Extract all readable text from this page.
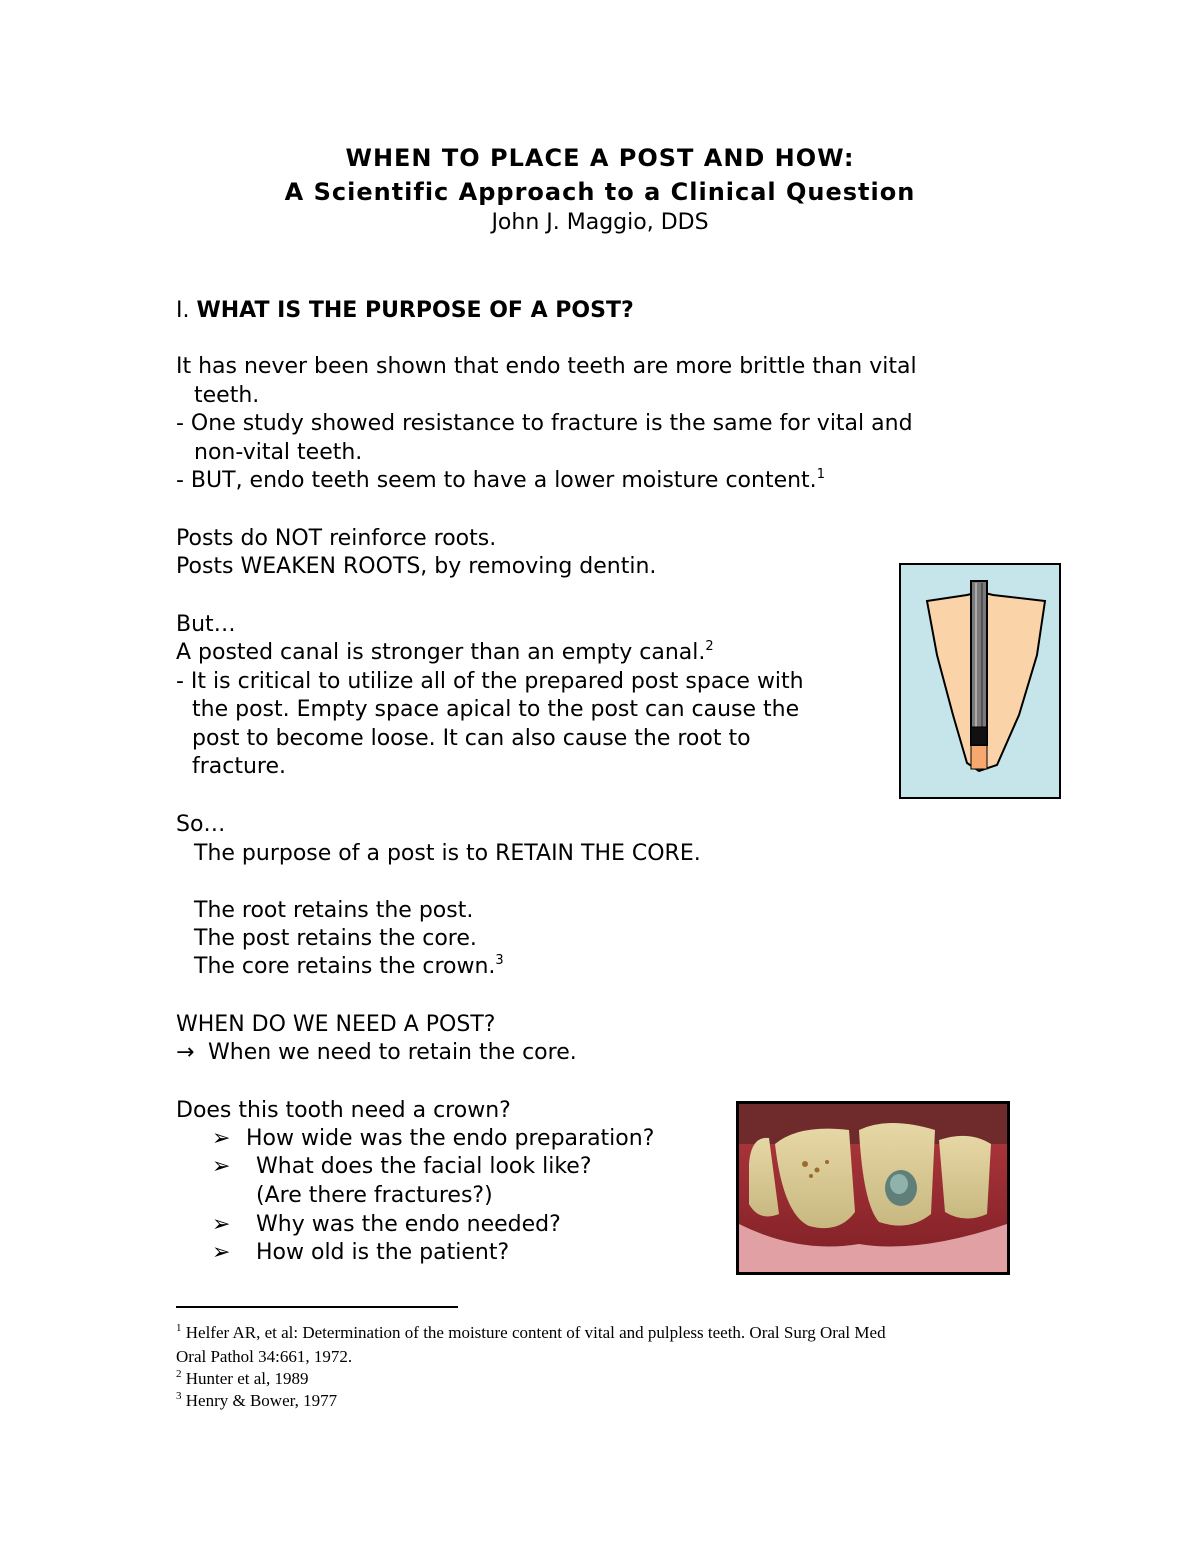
WHEN TO PLACE A POST AND HOW:
A Scientific Approach to a Clinical Question
John J. Maggio, DDS
I. WHAT IS THE PURPOSE OF A POST?
It has never been shown that endo teeth are more brittle than vital
teeth.
- One study showed resistance to fracture is the same for vital and
non-vital teeth.
- BUT, endo teeth seem to have a lower moisture content.$^1$
Posts do NOT reinforce roots.
Posts WEAKEN ROOTS, by removing dentin.
But…
A posted canal is stronger than an empty canal.$^2$
- It is critical to utilize all of the prepared post space with
the post. Empty space apical to the post can cause the
post to become loose. It can also cause the root to
fracture.
So…
The purpose of a post is to RETAIN THE CORE.
The root retains the post.
The post retains the core.
The core retains the crown.$^3$
WHEN DO WE NEED A POST?
→ When we need to retain the core.
Does this tooth need a crown?
➢ How wide was the endo preparation?
➢ What does the facial look like?
(Are there fractures?)
➢ Why was the endo needed?
➢ How old is the patient?
$^1$ Helfer AR, et al: Determination of the moisture content of vital and pulpless teeth. Oral Surg Oral Med
Oral Pathol 34:661, 1972.
$^2$ Hunter et al, 1989
$^3$ Henry & Bower, 1977
